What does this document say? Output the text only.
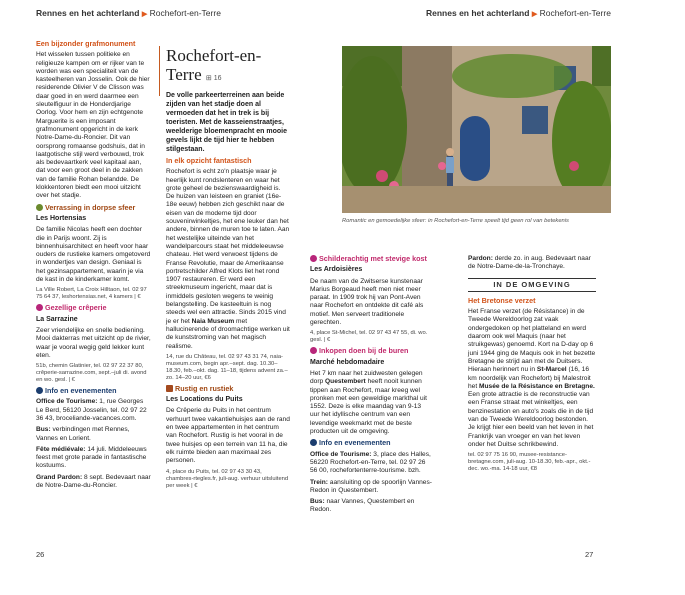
Rennes en het achterland ▶ Rochefort-en-Terre	Rennes en het achterland ▶ Rochefort-en-Terre

Een bijzonder grafmonument

Het wisselen tussen politieke en religieuze kampen om er rijker van te worden was een specialiteit van de kasteelheren van Josselin. Ook de hier residerende Olivier V de Clisson was daar goed in en werd daarmee een sleutelfiguur in de Honderdjarige Oorlog. Voor hem en zijn echtgenote Marguerite is een imposant grafmonument opgericht in de kerk Notre-Dame-du-Roncier. Dit van oorsprong romaanse godshuis, dat in laatgotische stijl werd verbouwd, trok als bedevaartkerk veel kapitaal aan, dat voor een groot deel in de zakken van de familie Rohan belandde. De klokkentoren biedt een mooi uitzicht over het stadje.

Verrassing in dorpse sfeer

Les Hortensias

De familie Nicolas heeft een dochter die in Parijs woont. Zij is binnenhuisarchitect en heeft voor haar ouders de rustieke kamers omgetoverd in wondertjes van design. Geniaal is het gezinsappartement, waarin je via de kast in de kinderkamer komt.

La Ville Robert, La Croix Hilltaon, tel. 02 97 75 64 37, leshortensias.net, 4 kamers | €

Gezellige crêperie

La Sarrazine

Zeer vriendelijke en snelle bediening. Mooi dakterras met uitzicht op de rivier, waar je vooral wegig geld lekker kunt eten.

51b, chemin Glatinier, tel. 02 97 22 37 80, crêperie-sarrazine.com, sept.–juli di. avond en wo. gesl. | €

Info en evenementen

Office de Tourisme: 1, rue Georges Le Berd, 56120 Josselin, tel. 02 97 22 36 43, broceliande-vacances.com.

Bus: verbindingen met Rennes, Vannes en Lorient.

Fête médiévale: 14 juli. Middeleeuws feest met grote parade in fantastische kostuums.

Grand Pardon: 8 sept. Bedevaart naar de Notre-Dame-du-Roncier.

Rochefort-en-Terre ⊞ 16

De volle parkeerterreinen aan beide zijden van het stadje doen al vermoeden dat het in trek is bij toeristen. Met de kasseienstraatjes, weelderige bloemenpracht en mooie gevels lijkt de tijd hier te hebben stilgestaan.

In elk opzicht fantastisch

Rochefort is echt zo'n plaatsje waar je heerlijk kunt rondslenteren en waar het grote geheel de bezienswaardigheid is. De huizen van leisteen en graniet (16e-18e eeuw) hebben zich geschikt naar de eisen van de moderne tijd door souvenirwinkeltjes, het ene leuker dan het andere, binnen de muren toe te laten. Aan het westelijke uiteinde van het wandelparcours staat het middeleeuwse chateau. Het werd verwoest tijdens de Franse Revolutie, maar de Amerikaanse portretschilder Alfred Klots liet het rond 1907 restaureren. Er werd een streekmuseum ingericht, maar dat is inmiddels gesloten wegens te weinig belangstelling. De kasteeltuin is nog steeds wel een attractie. Sinds 2015 vind je er het Naia Museum met hallucinerende of droomachtige werken uit de kunststroming van het magisch realisme.

14, rue du Château, tel. 02 97 43 31 74, naia-museum.com, begin apr.–sept. dag. 10.30–18.30, feb.–okt. dag. 11–18, tijdens advent za.–zo. 14–20 uur, €6

Rustig en rustiek

Les Locations du Puits

De Crêperie du Puits in het centrum verhuurt twee vakantiehuisjes aan de rand en twee appartementen in het centrum van Rochefort. Rustig is het vooral in de twee huisjes op een terrein van 11 ha, die elk ruimte bieden aan maximaal zes personen.

4, place du Puits, tel. 02 97 43 30 43, chambres-rtegles.fr, juli-aug. verhuur uitsluitend per week | €

Romantic en gemoedelijke sfeer: in Rochefort-en-Terre speelt tijd geen rol van betekenis

Schilderachtig met stevige kost

Les Ardoisières

De naam van de Zwitserse kunstenaar Marius Borgeaud heeft men niet meer paraat. In 1909 trok hij van Pont-Aven naar Rochefort en ontdekte dit café als motief. Men serveert traditionele gerechten.

4, place St-Michel, tel. 02 97 43 47 55, di. wo. gesl. | €

Inkopen doen bij de buren

Marché hebdomadaire

Het 7 km naar het zuidwesten gelegen dorp Questembert heeft nooit kunnen tippen aan Rochefort, maar kreeg wel pronken met een geweldige markthal uit 1552. Deze is elke maandag van 9-13 uur het idyllische centrum van een levendige weekmarkt met de beste producten uit de omgeving.

Info en evenementen

Office de Tourisme: 3, place des Halles, 56220 Rochefort-en-Terre, tel. 02 97 26 56 00, rochefortenterre-tourisme. bzh.

Trein: aansluiting op de spoorlijn Vannes-Redon in Questembert.

Bus: naar Vannes, Questembert en Redon.

Pardon: derde zo. in aug. Bedevaart naar de Notre-Dame-de-la-Tronchaye.

IN DE OMGEVING

Het Bretonse verzet

Het Franse verzet (de Résistance) in de Tweede Wereldoorlog zat vaak ondergedoken op het platteland en werd daarom ook wel Maquis (naar het struikgewas) genoemd. Kort na D-day op 6 juni 1944 ging de Maquis ook in het bezette Bretagne de strijd aan met de Duitsers. Hieraan herinnert nu in St-Marcel (16, 16 km noordelijk van Rochefort) bij Malestroit het Musée de la Résistance en Bretagne. Een grote attractie is de reconstructie van een Franse straat met winkeltjes, een benzinestation en auto's zoals die in de tijd van de Tweede Wereldoorlog bestonden. Je krijgt hier een beeld van het leven in het Frankrijk van vroeger en van het leven onder het Duitse schrikbewind.

tel. 02 97 75 16 90, musee-resistance-bretagne.com, juli-aug. 10-18.30, feb.-apr., okt.-dec. wo.-ma. 14-18 uur, €8

26	27
